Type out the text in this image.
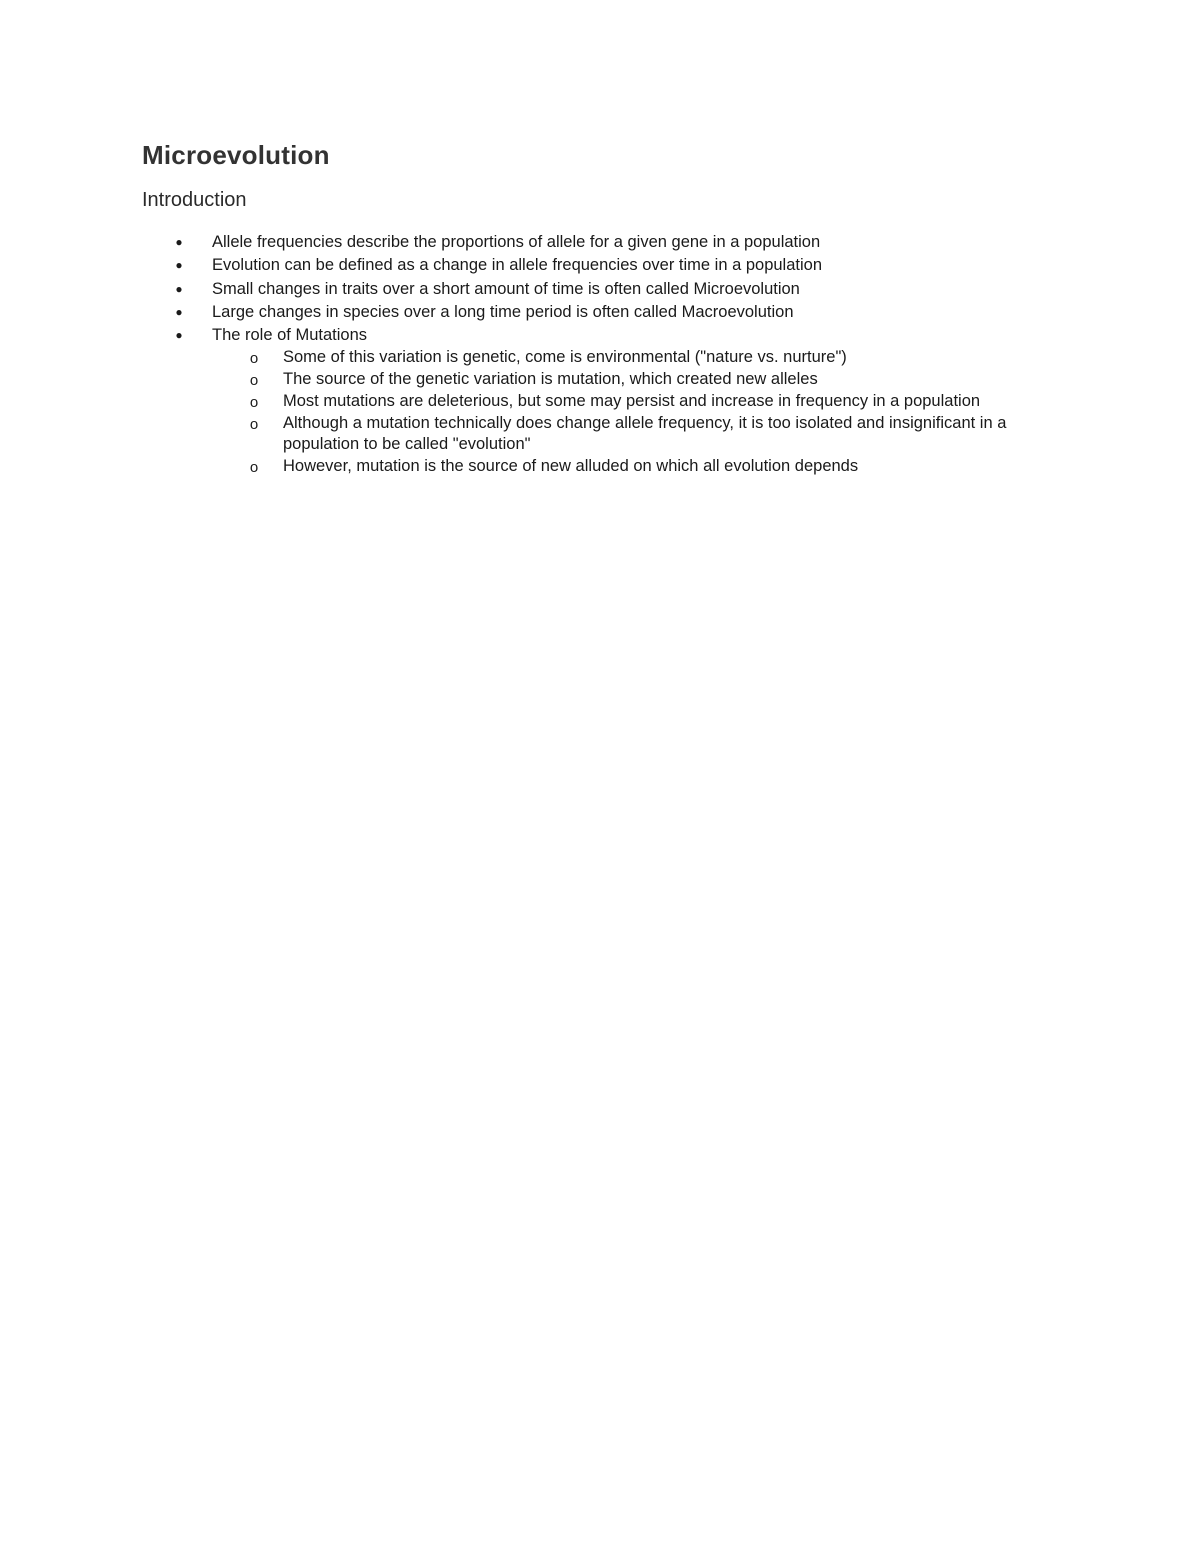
Microevolution
Introduction
● Allele frequencies describe the proportions of allele for a given gene in a population
● Evolution can be defined as a change in allele frequencies over time in a population
● Small changes in traits over a short amount of time is often called Microevolution
● Large changes in species over a long time period is often called Macroevolution
● The role of Mutations
o Some of this variation is genetic, come is environmental ("nature vs. nurture")
o The source of the genetic variation is mutation, which created new alleles
o Most mutations are deleterious, but some may persist and increase in frequency in a population
o Although a mutation technically does change allele frequency, it is too isolated and insignificant in a population to be called "evolution"
o However, mutation is the source of new alluded on which all evolution depends
